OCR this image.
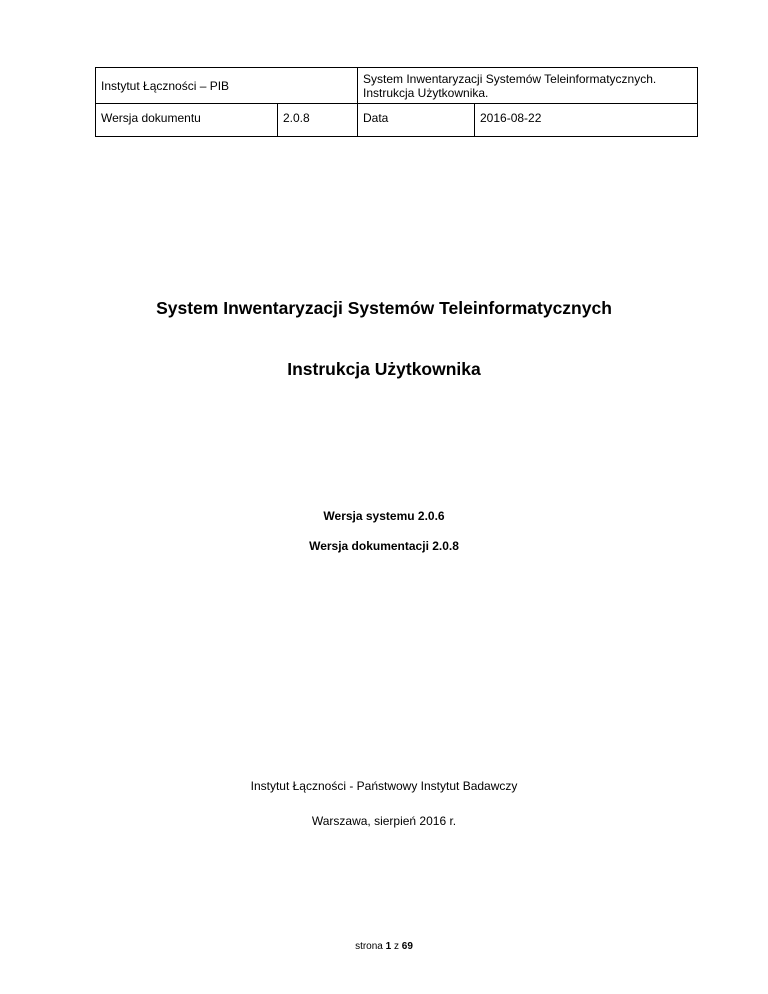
Instytut Łączności – PIB		System Inwentaryzacji Systemów Teleinformatycznych.
Instrukcja Użytkownika.	
Wersja dokumentu	2.0.8	Data	2016-08-22
System Inwentaryzacji Systemów Teleinformatycznych
Instrukcja Użytkownika
Wersja systemu 2.0.6
Wersja dokumentacji 2.0.8
Instytut Łączności - Państwowy Instytut Badawczy
Warszawa, sierpień 2016 r.
strona 1 z 69
